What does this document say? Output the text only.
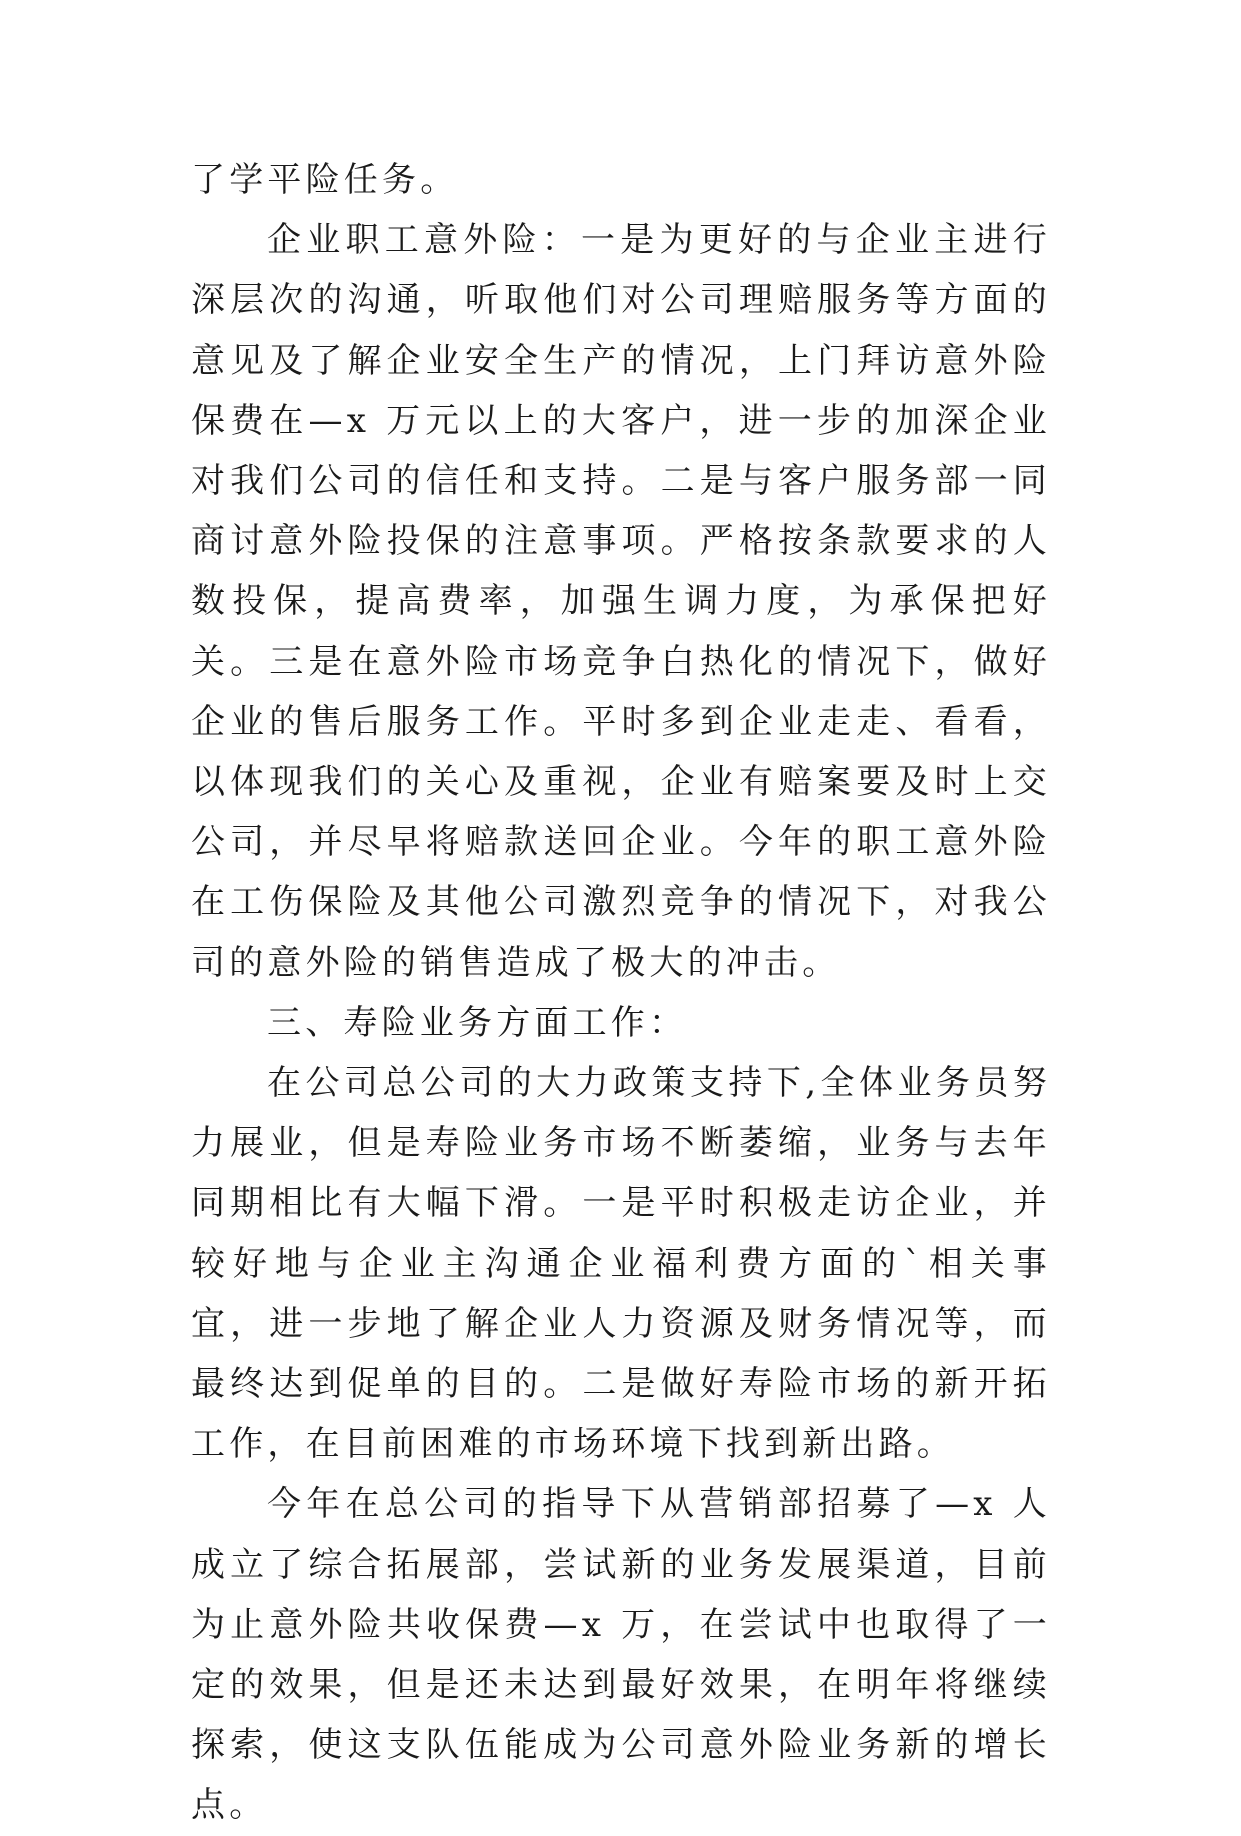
了学平险任务。

企业职工意外险：一是为更好的与企业主进行深层次的沟通，听取他们对公司理赔服务等方面的意见及了解企业安全生产的情况，上门拜访意外险保费在—x 万元以上的大客户，进一步的加深企业对我们公司的信任和支持。二是与客户服务部一同商讨意外险投保的注意事项。严格按条款要求的人数投保，提高费率，加强生调力度，为承保把好关。三是在意外险市场竞争白热化的情况下，做好企业的售后服务工作。平时多到企业走走、看看，以体现我们的关心及重视，企业有赔案要及时上交公司，并尽早将赔款送回企业。今年的职工意外险在工伤保险及其他公司激烈竞争的情况下，对我公司的意外险的销售造成了极大的冲击。

三、寿险业务方面工作：

在公司总公司的大力政策支持下,全体业务员努力展业，但是寿险业务市场不断萎缩，业务与去年同期相比有大幅下滑。一是平时积极走访企业，并较好地与企业主沟通企业福利费方面的`相关事宜，进一步地了解企业人力资源及财务情况等，而最终达到促单的目的。二是做好寿险市场的新开拓工作，在目前困难的市场环境下找到新出路。

今年在总公司的指导下从营销部招募了—x 人成立了综合拓展部，尝试新的业务发展渠道，目前为止意外险共收保费—x 万，在尝试中也取得了一定的效果，但是还未达到最好效果，在明年将继续探索，使这支队伍能成为公司意外险业务新的增长点。
